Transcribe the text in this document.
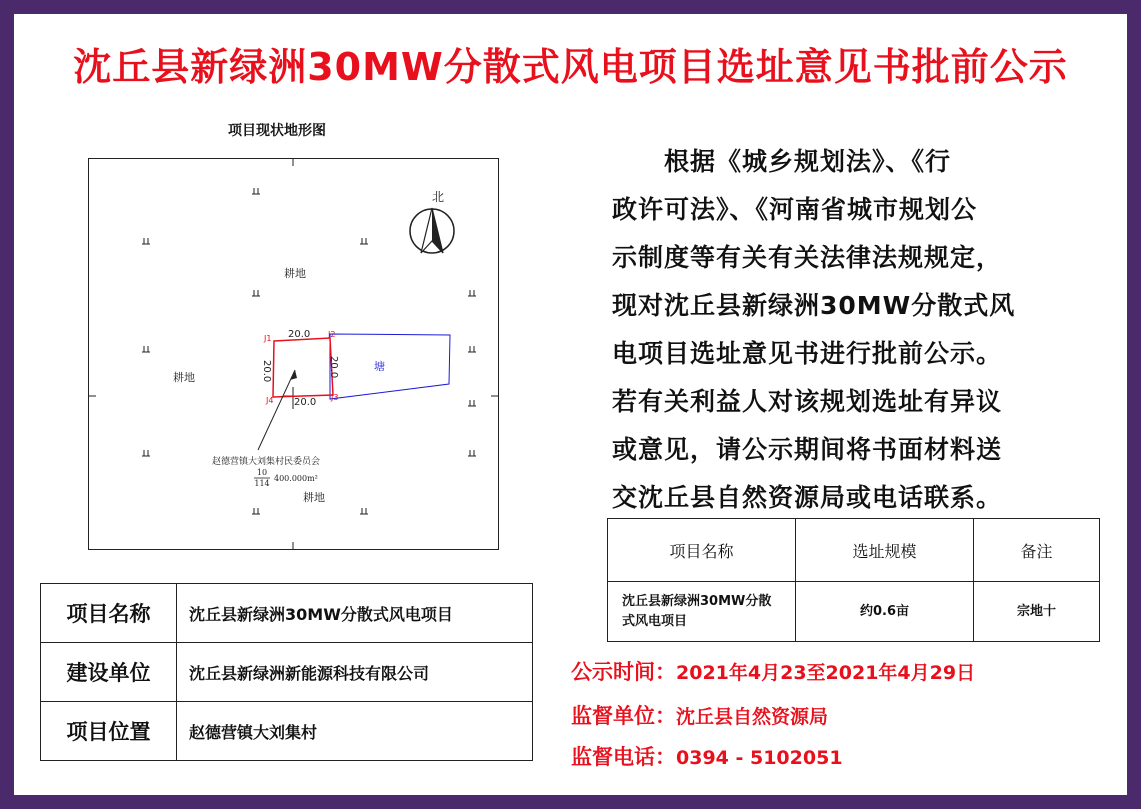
沈丘县新绿洲30MW分散式风电项目选址意见书批前公示
项目现状地形图
北
塘
20.0
20.0
20.0	20.0
J1	J2
J3
J4
耕地
耕地
耕地
赵德营镇大刘集村民委员会
10
114
400.000m²
　　根据《城乡规划法》、《行
政许可法》、《河南省城市规划公
示制度等有关有关法律法规规定，
现对沈丘县新绿洲30MW分散式风
电项目选址意见书进行批前公示。
若有关利益人对该规划选址有异议
或意见，请公示期间将书面材料送
交沈丘县自然资源局或电话联系。
项目名称	选址规模	备注
沈丘县新绿洲30MW分散式风电项目	约0.6亩	宗地十
项目名称	沈丘县新绿洲30MW分散式风电项目
建设单位	沈丘县新绿洲新能源科技有限公司
项目位置	赵德营镇大刘集村
公示时间：2021年4月23至2021年4月29日
监督单位：沈丘县自然资源局
监督电话：0394 - 5102051
